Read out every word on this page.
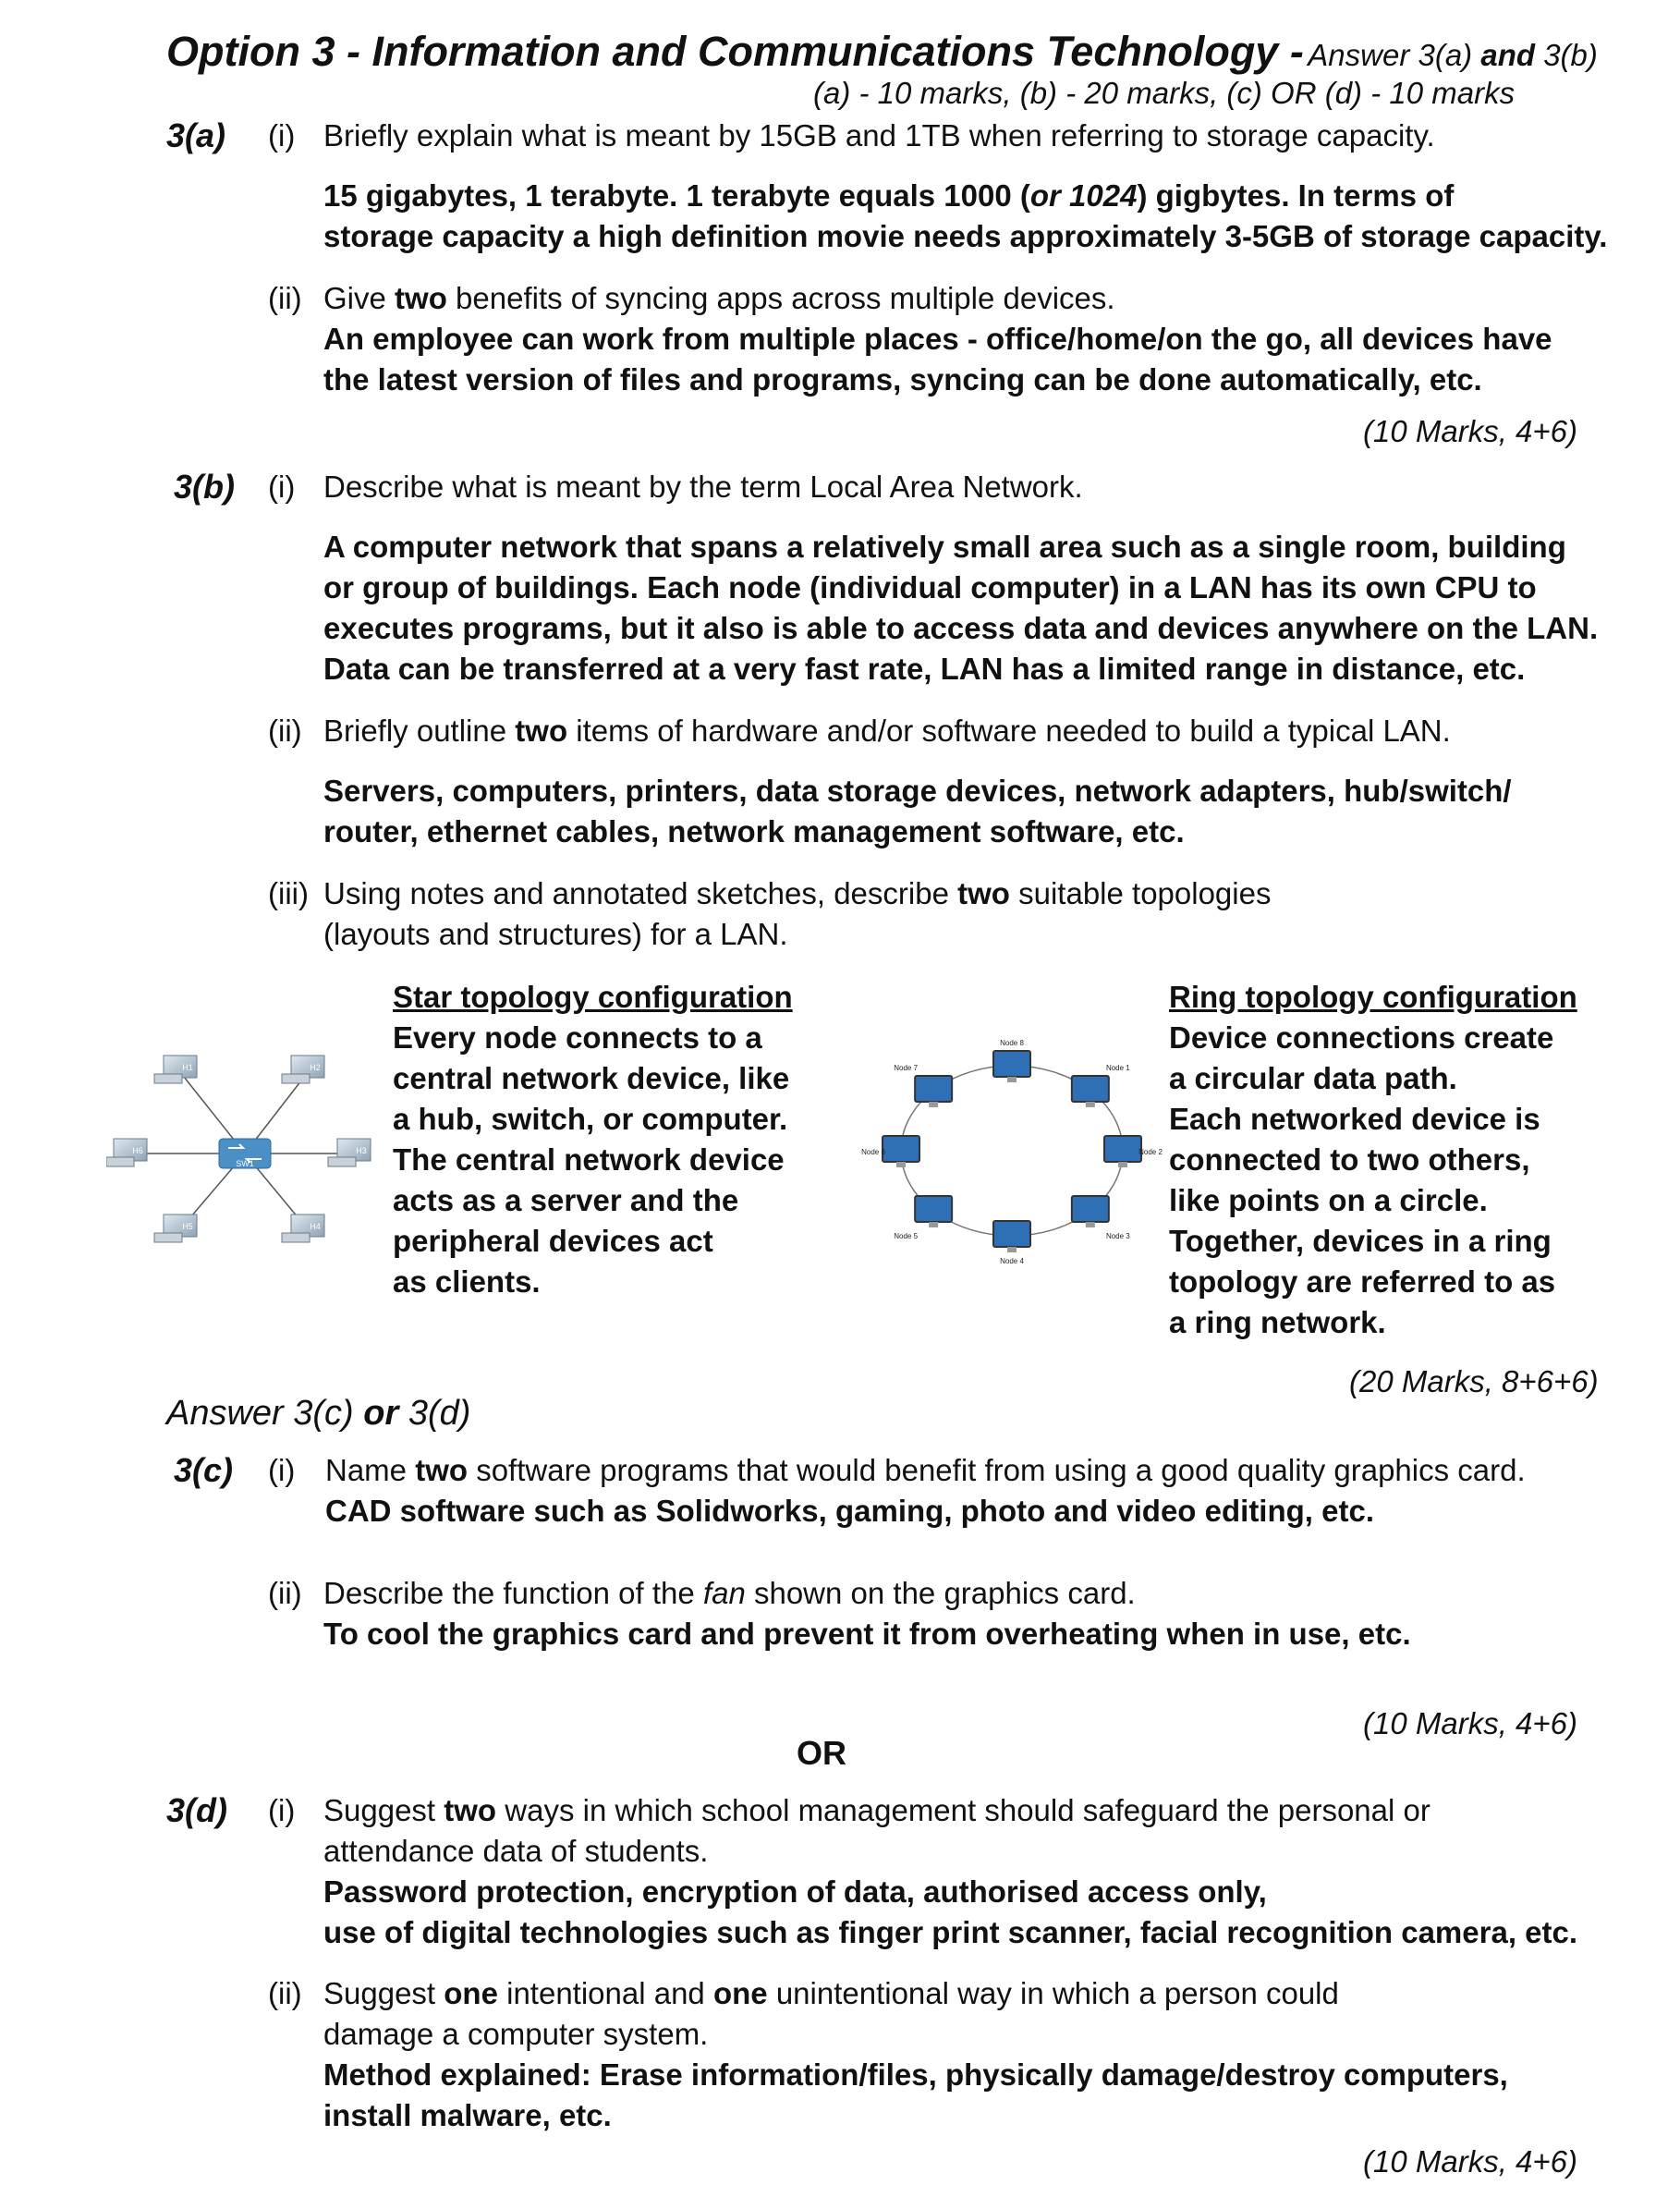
Option 3 - Information and Communications Technology - Answer 3(a) and 3(b)
(a) - 10 marks, (b) - 20 marks, (c) OR (d) - 10 marks
3(a) (i) Briefly explain what is meant by 15GB and 1TB when referring to storage capacity.
15 gigabytes, 1 terabyte. 1 terabyte equals 1000 (or 1024) gigbytes. In terms of
storage capacity a high definition movie needs approximately 3-5GB of storage capacity.
(ii) Give two benefits of syncing apps across multiple devices.
An employee can work from multiple places - office/home/on the go, all devices have
the latest version of files and programs, syncing can be done automatically, etc.
(10 Marks, 4+6)
3(b) (i) Describe what is meant by the term Local Area Network.
A computer network that spans a relatively small area such as a single room, building
or group of buildings. Each node (individual computer) in a LAN has its own CPU to
executes programs, but it also is able to access data and devices anywhere on the LAN.
Data can be transferred at a very fast rate, LAN has a limited range in distance, etc.
(ii) Briefly outline two items of hardware and/or software needed to build a typical LAN.
Servers, computers, printers, data storage devices, network adapters, hub/switch/
router, ethernet cables, network management software, etc.
(iii) Using notes and annotated sketches, describe two suitable topologies
(layouts and structures) for a LAN.
SW1
H1	H2
H3
H4
H5
H6
Star topology configuration
Every node connects to a
central network device, like
a hub, switch, or computer.
The central network device
acts as a server and the
peripheral devices act
as clients.
Node 8
Node 1
Node 2
Node 3
Node 4
Node 5
Node 6
Node 7
Ring topology configuration
Device connections create
a circular data path.
Each networked device is
connected to two others,
like points on a circle.
Together, devices in a ring
topology are referred to as
a ring network.
(20 Marks, 8+6+6)
Answer 3(c) or 3(d)
3(c) (i) Name two software programs that would benefit from using a good quality graphics card.
CAD software such as Solidworks, gaming, photo and video editing, etc.
(ii) Describe the function of the fan shown on the graphics card.
To cool the graphics card and prevent it from overheating when in use, etc.
(10 Marks, 4+6)
OR
3(d) (i) Suggest two ways in which school management should safeguard the personal or
attendance data of students.
Password protection, encryption of data, authorised access only,
use of digital technologies such as finger print scanner, facial recognition camera, etc.
(ii) Suggest one intentional and one unintentional way in which a person could
damage a computer system.
Method explained: Erase information/files, physically damage/destroy computers,
install malware, etc.
(10 Marks, 4+6)
